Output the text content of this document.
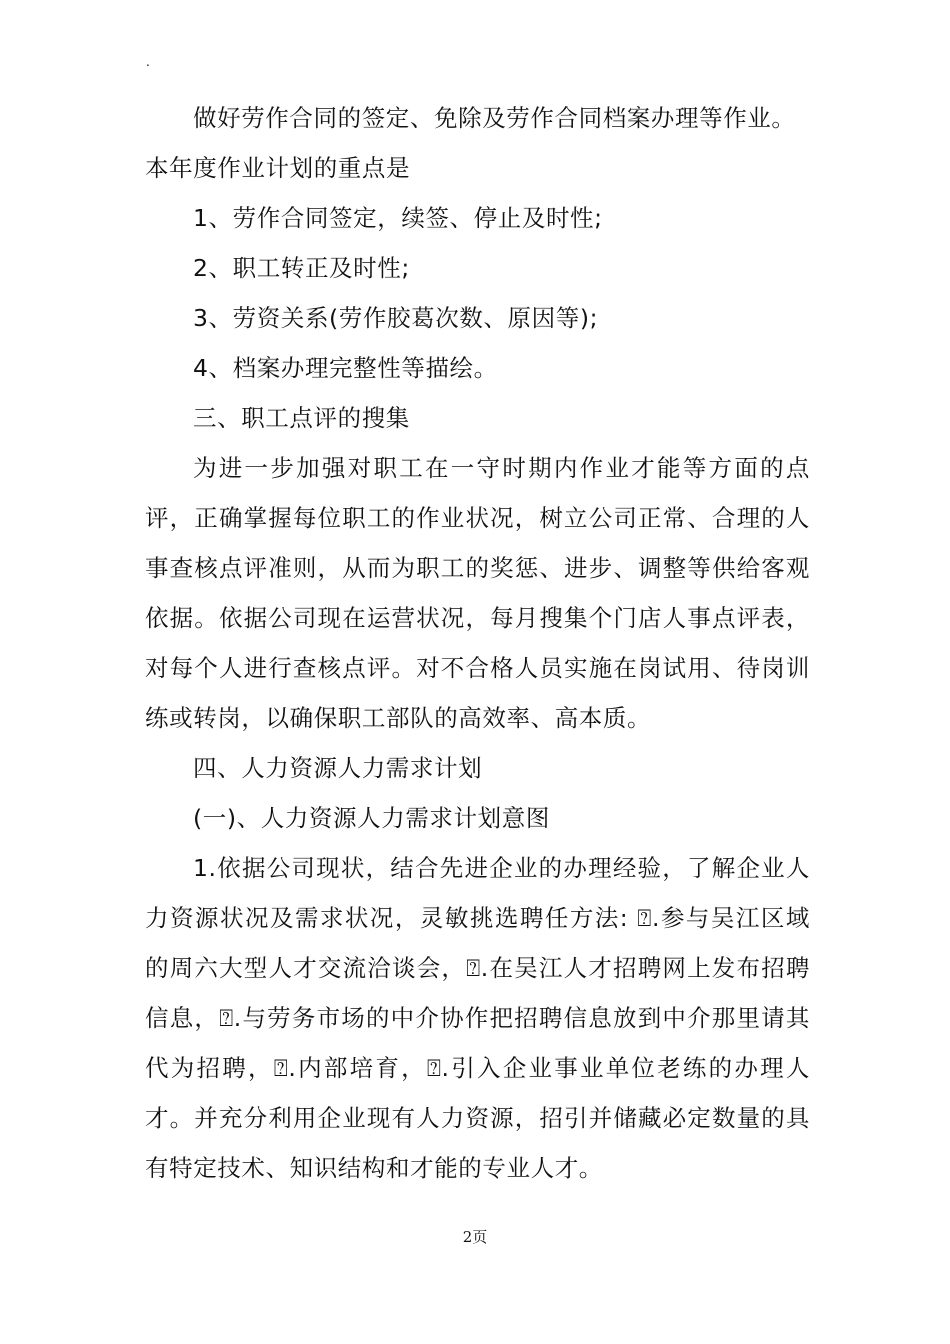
.

做好劳作合同的签定、免除及劳作合同档案办理等作业。

本年度作业计划的重点是

1、劳作合同签定，续签、停止及时性;

2、职工转正及时性;

3、劳资关系(劳作胶葛次数、原因等);

4、档案办理完整性等描绘。

三、职工点评的搜集

为进一步加强对职工在一守时期内作业才能等方面的点评，正确掌握每位职工的作业状况，树立公司正常、合理的人事查核点评准则，从而为职工的奖惩、进步、调整等供给客观依据。依据公司现在运营状况，每月搜集个门店人事点评表，对每个人进行查核点评。对不合格人员实施在岗试用、待岗训练或转岗，以确保职工部队的高效率、高本质。

四、人力资源人力需求计划

(一)、人力资源人力需求计划意图

1.依据公司现状，结合先进企业的办理经验，了解企业人力资源状况及需求状况，灵敏挑选聘任方法: ⍰.参与吴江区域的周六大型人才交流洽谈会，⍰.在吴江人才招聘网上发布招聘信息，⍰.与劳务市场的中介协作把招聘信息放到中介那里请其代为招聘，⍰.内部培育，⍰.引入企业事业单位老练的办理人才。并充分利用企业现有人力资源，招引并储藏必定数量的具有特定技术、知识结构和才能的专业人才。

2页
